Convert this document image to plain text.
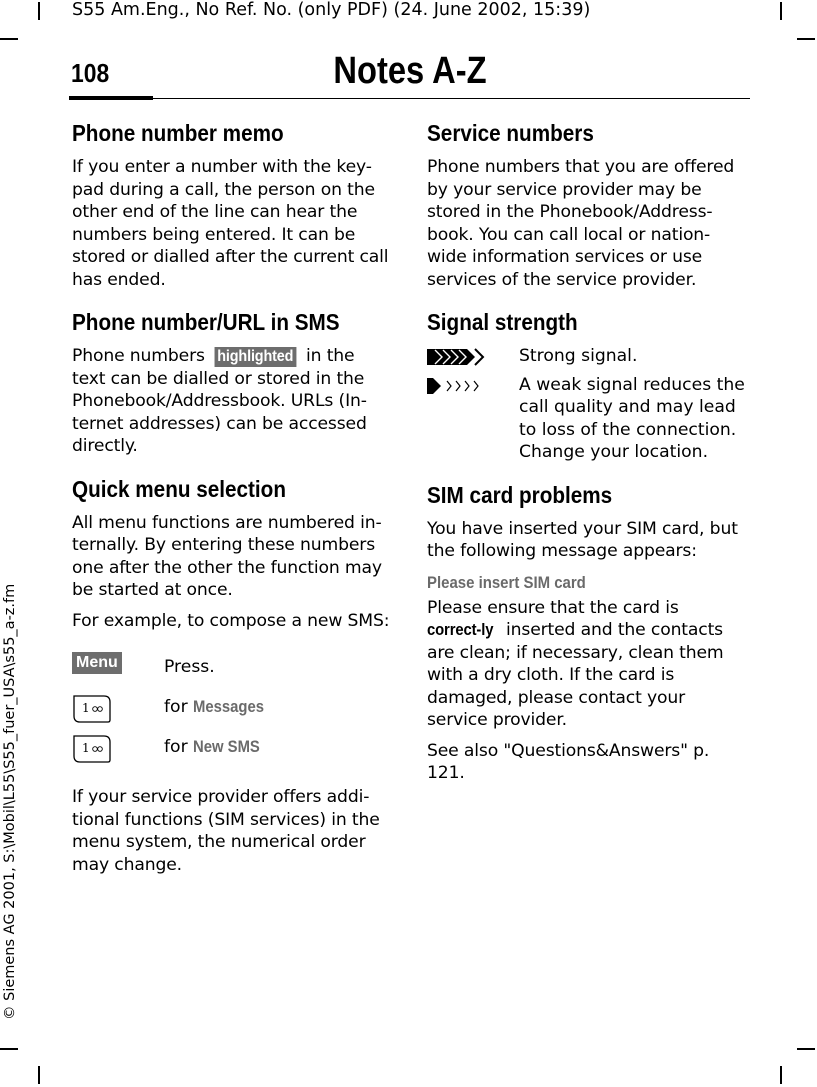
S55 Am.Eng., No Ref. No. (only PDF) (24. June 2002, 15:39)
© Siemens AG 2001, S:\Mobil\L55\S55_fuer_USA\s55_a-z.fm
108	Notes A-Z
Phone number memo

If you enter a number with the key-pad during a call, the person on the other end of the line can hear the numbers being entered. It can be stored or dialled after the current call has ended.

Phone number/URL in SMS

Phone numbers highlighted in the text can be dialled or stored in the Phonebook/Addressbook. URLs (In-ternet addresses) can be accessed directly.

Quick menu selection

All menu functions are numbered in-ternally. By entering these numbers one after the other the function may be started at once.

For example, to compose a new SMS:

Menu	Press.
1	for Messages
1	for New SMS

If your service provider offers addi-tional functions (SIM services) in the menu system, the numerical order may change.

Service numbers

Phone numbers that you are offered by your service provider may be stored in the Phonebook/Address-book. You can call local or nation-wide information services or use services of the service provider.

Signal strength
Strong signal.
A weak signal reduces the call quality and may lead to loss of the connection. Change your location.
SIM card problems

You have inserted your SIM card, but the following message appears:

Please insert SIM card

Please ensure that the card is correct-ly inserted and the contacts are clean; if necessary, clean them with a dry cloth. If the card is damaged, please contact your service provider.

See also "Questions&Answers" p. 121.
